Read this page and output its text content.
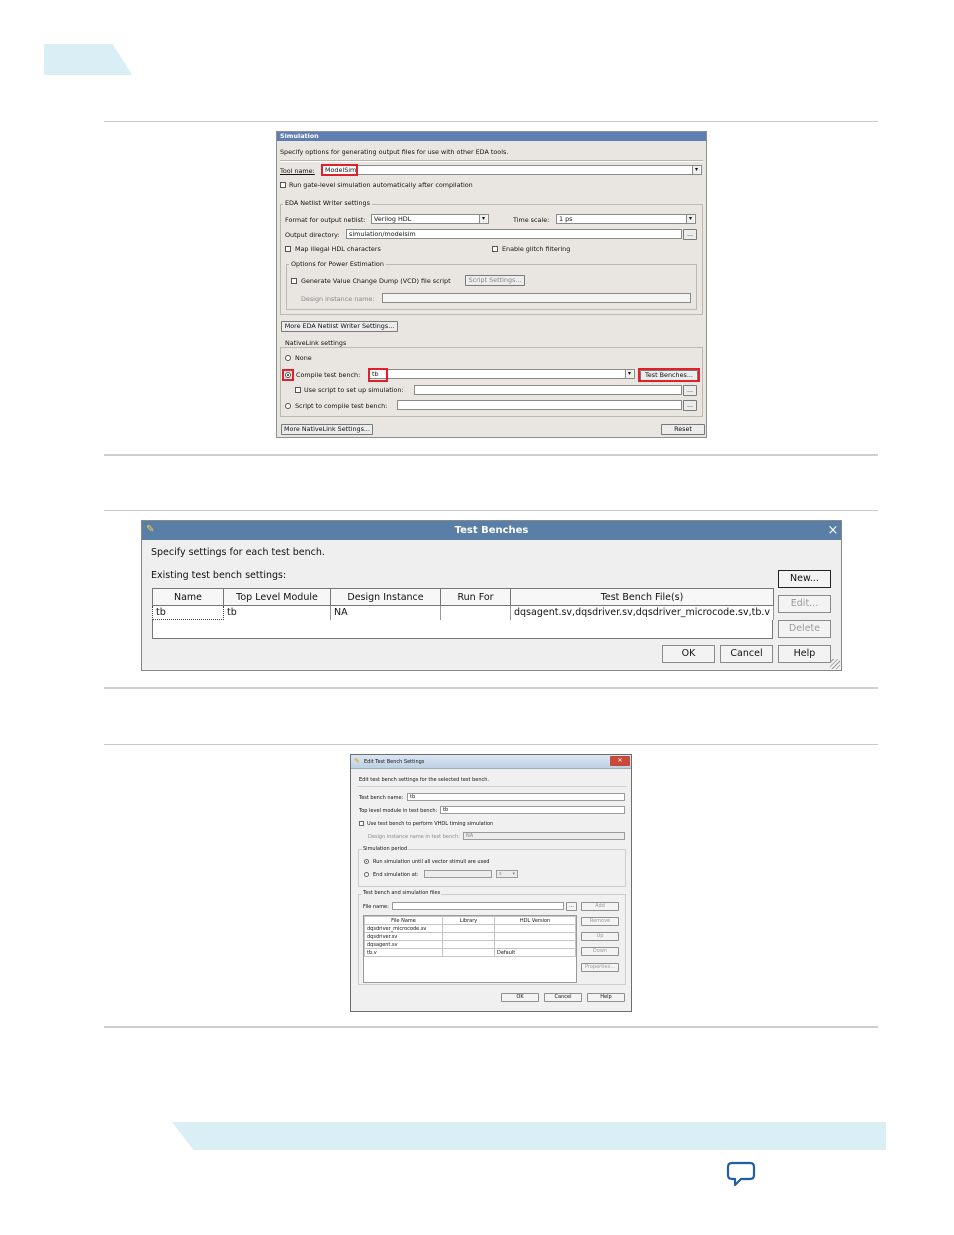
Simulation
Specify options for generating output files for use with other EDA tools.
Tool name:	ModelSim ▾
Run gate-level simulation automatically after compilation
EDA Netlist Writer settings
Format for output netlist:	Verilog HDL ▾	Time scale:	1 ps ▾
Output directory:	simulation/modelsim	...
Map illegal HDL characters	Enable glitch filtering
Options for Power Estimation
Generate Value Change Dump (VCD) file script	Script Settings...
Design instance name:
More EDA Netlist Writer Settings...
NativeLink settings
None
Compile test bench:	tb ▾	Test Benches...
Use script to set up simulation:	...
Script to compile test bench:	...
More NativeLink Settings...	Reset
Test Benches
✎	×
Specify settings for each test bench.
Existing test bench settings:
Name	Top Level Module	Design Instance	Run For	Test Bench File(s)
tb	tb	NA		dqsagent.sv,dqsdriver.sv,dqsdriver_microcode.sv,tb.v
New...
Edit...
Delete
OK	Cancel	Help
✎ Edit Test Bench Settings	✕
Edit test bench settings for the selected test bench.
Test bench name:	tb
Top level module in test bench:	tb
Use test bench to perform VHDL timing simulation
Design instance name in test bench:	NA
Simulation period
Run simulation until all vector stimuli are used
End simulation at:	s ▾
Test bench and simulation files
File name:	...
File Name	Library	HDL Version
dqsdriver_microcode.sv		
dqsdriver.sv		
dqsagent.sv		
tb.v		Default
Add
Remove
Up
Down
Properties...
OK	Cancel	Help
